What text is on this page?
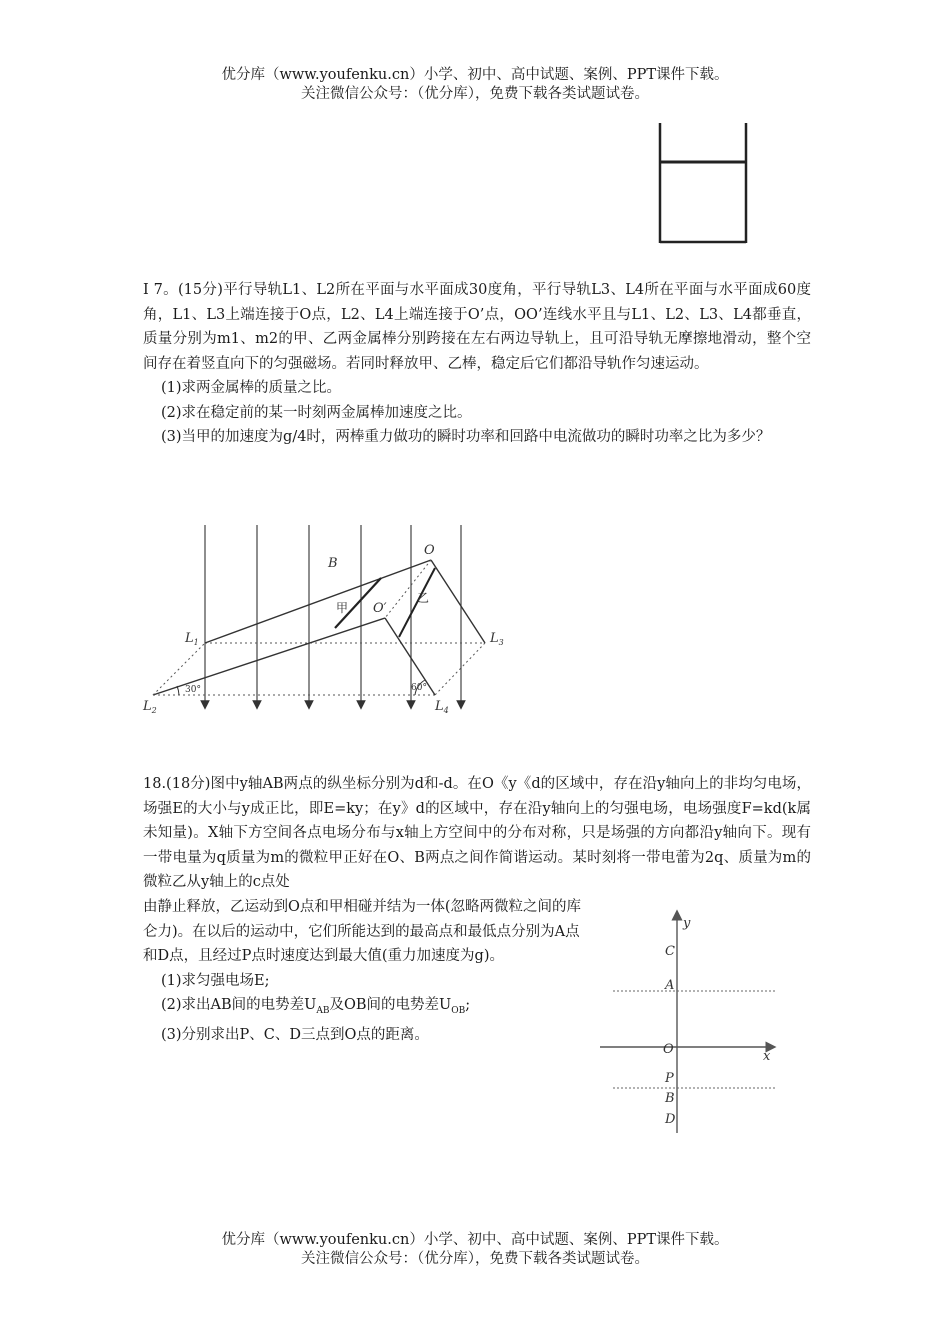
优分库（www.youfenku.cn）小学、初中、高中试题、案例、PPT课件下载。
关注微信公众号：（优分库），免费下载各类试题试卷。

I 7。(15分)平行导轨L1、L2所在平面与水平面成30度角，平行导轨L3、L4所在平面与水平面成60度角，L1、L3上端连接于O点，L2、L4上端连接于O’点，OO’连线水平且与L1、L2、L3、L4都垂直，质量分别为m1、m2的甲、乙两金属棒分别跨接在左右两边导轨上，且可沿导轨无摩擦地滑动，整个空间存在着竖直向下的匀强磁场。若同时释放甲、乙棒，稳定后它们都沿导轨作匀速运动。

(1)求两金属棒的质量之比。

(2)求在稳定前的某一时刻两金属棒加速度之比。

(3)当甲的加速度为g/4时，两棒重力做功的瞬时功率和回路中电流做功的瞬时功率之比为多少？

B
O
O′
甲
乙
$L_1$
$L_2$
$L_3$
$L_4$
30°	60°

18.(18分)图中y轴AB两点的纵坐标分别为d和-d。在O《y《d的区域中，存在沿y轴向上的非均匀电场，场强E的大小与y成正比，即E=ky；在y》d的区域中，存在沿y轴向上的匀强电场，电场强度F=kd(k属未知量)。X轴下方空间各点电场分布与x轴上方空间中的分布对称，只是场强的方向都沿y轴向下。现有一带电量为q质量为m的微粒甲正好在O、B两点之间作简谐运动。某时刻将一带电蕾为2q、质量为m的微粒乙从y轴上的c点处

由静止释放，乙运动到O点和甲相碰并结为一体(忽略两微粒之间的库仑力)。在以后的运动中，它们所能达到的最高点和最低点分别为A点和D点，且经过P点时速度达到最大值(重力加速度为g)。

(1)求匀强电场E;

(2)求出AB间的电势差$U_{AB}$及OB间的电势差$U_{OB}$;

(3)分别求出P、C、D三点到O点的距离。

y
x
C
A
O
P
B
D
优分库（www.youfenku.cn）小学、初中、高中试题、案例、PPT课件下载。
关注微信公众号：（优分库），免费下载各类试题试卷。
